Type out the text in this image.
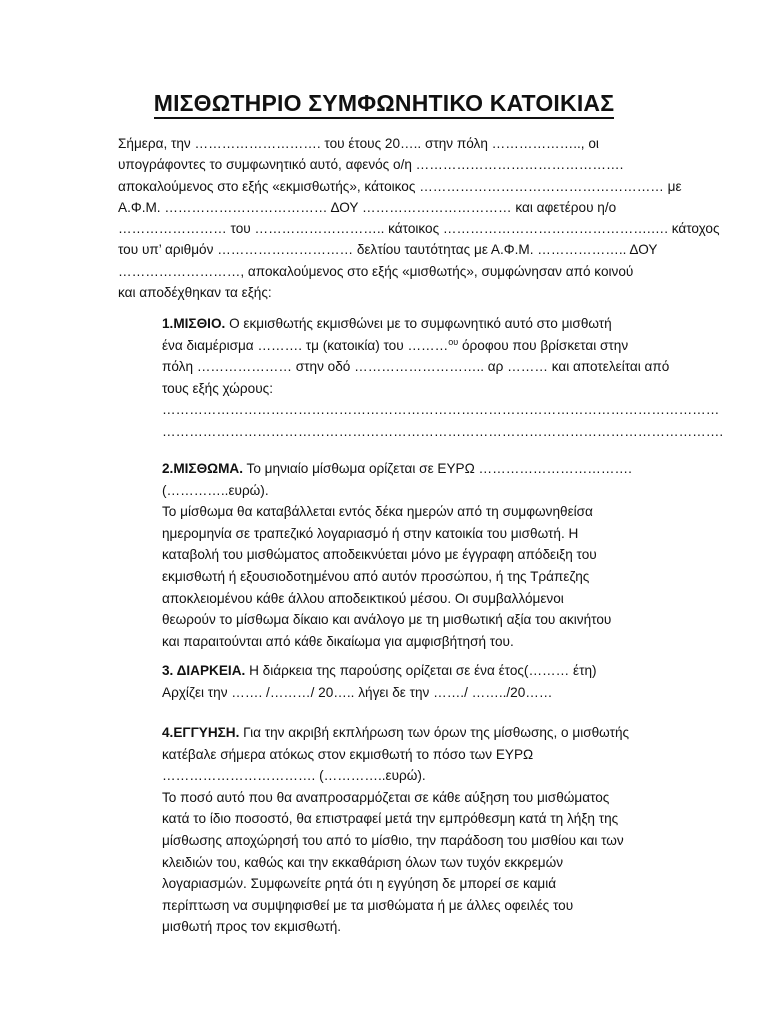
ΜΙΣΘΩΤΗΡΙΟ ΣΥΜΦΩΝΗΤΙΚΟ ΚΑΤΟΙΚΙΑΣ
Σήμερα, την ………………………. του έτους 20….. στην πόλη ……………….., οι
υπογράφοντες το συμφωνητικό αυτό, αφενός ο/η ……………………………………….
αποκαλούμενος στο εξής «εκμισθωτής», κάτοικος ……………………………………………… με
Α.Φ.Μ. ……………………………… ΔΟΥ …………………………… και αφετέρου η/ο
…………………… του ……………………….. κάτοικος ……………………………………….…. κάτοχος
του υπ’ αριθμόν ………………………… δελτίου ταυτότητας με Α.Φ.Μ. ……………….. ΔΟΥ
………………………, αποκαλούμενος στο εξής «μισθωτής», συμφώνησαν από κοινού
και αποδέχθηκαν τα εξής:
1.ΜΙΣΘΙΟ. Ο εκμισθωτής εκμισθώνει με το συμφωνητικό αυτό στο μισθωτή
ένα διαμέρισμα ………. τμ (κατοικία) του ………$^{o\upsilon}$ όροφου που βρίσκεται στην
πόλη ………………… στην οδό ……………………….. αρ ……… και αποτελείται από
τους εξής χώρους:
……………………………………………………………………………………………………………
…………………………………………………………………………………………………………….
2.ΜΙΣΘΩΜΑ. Το μηνιαίο μίσθωμα ορίζεται σε ΕΥΡΩ …………………………….
(…………..ευρώ).
Το μίσθωμα θα καταβάλλεται εντός δέκα ημερών από τη συμφωνηθείσα
ημερομηνία σε τραπεζικό λογαριασμό ή στην κατοικία του μισθωτή. Η
καταβολή του μισθώματος αποδεικνύεται μόνο με έγγραφη απόδειξη του
εκμισθωτή ή εξουσιοδοτημένου από αυτόν προσώπου, ή της Τράπεζης
αποκλειομένου κάθε άλλου αποδεικτικού μέσου. Οι συμβαλλόμενοι
θεωρούν το μίσθωμα δίκαιο και ανάλογο με τη μισθωτική αξία του ακινήτου
και παραιτούνται από κάθε δικαίωμα για αμφισβήτησή του.
3. ΔΙΑΡΚΕΙΑ. Η διάρκεια της παρούσης ορίζεται σε ένα έτος(……… έτη)
Αρχίζει την ……. /………/ 20….. λήγει δε την ……./ ……../20……
4.ΕΓΓΥΗΣΗ. Για την ακριβή εκπλήρωση των όρων της μίσθωσης, ο μισθωτής
κατέβαλε σήμερα ατόκως στον εκμισθωτή το πόσο των ΕΥΡΩ
……………………………. (…………..ευρώ).
Το ποσό αυτό που θα αναπροσαρμόζεται σε κάθε αύξηση του μισθώματος
κατά το ίδιο ποσοστό, θα επιστραφεί μετά την εμπρόθεσμη κατά τη λήξη της
μίσθωσης αποχώρησή του από το μίσθιο, την παράδοση του μισθίου και των
κλειδιών του, καθώς και την εκκαθάριση όλων των τυχόν εκκρεμών
λογαριασμών. Συμφωνείτε ρητά ότι η εγγύηση δε μπορεί σε καμιά
περίπτωση να συμψηφισθεί με τα μισθώματα ή με άλλες οφειλές του
μισθωτή προς τον εκμισθωτή.
